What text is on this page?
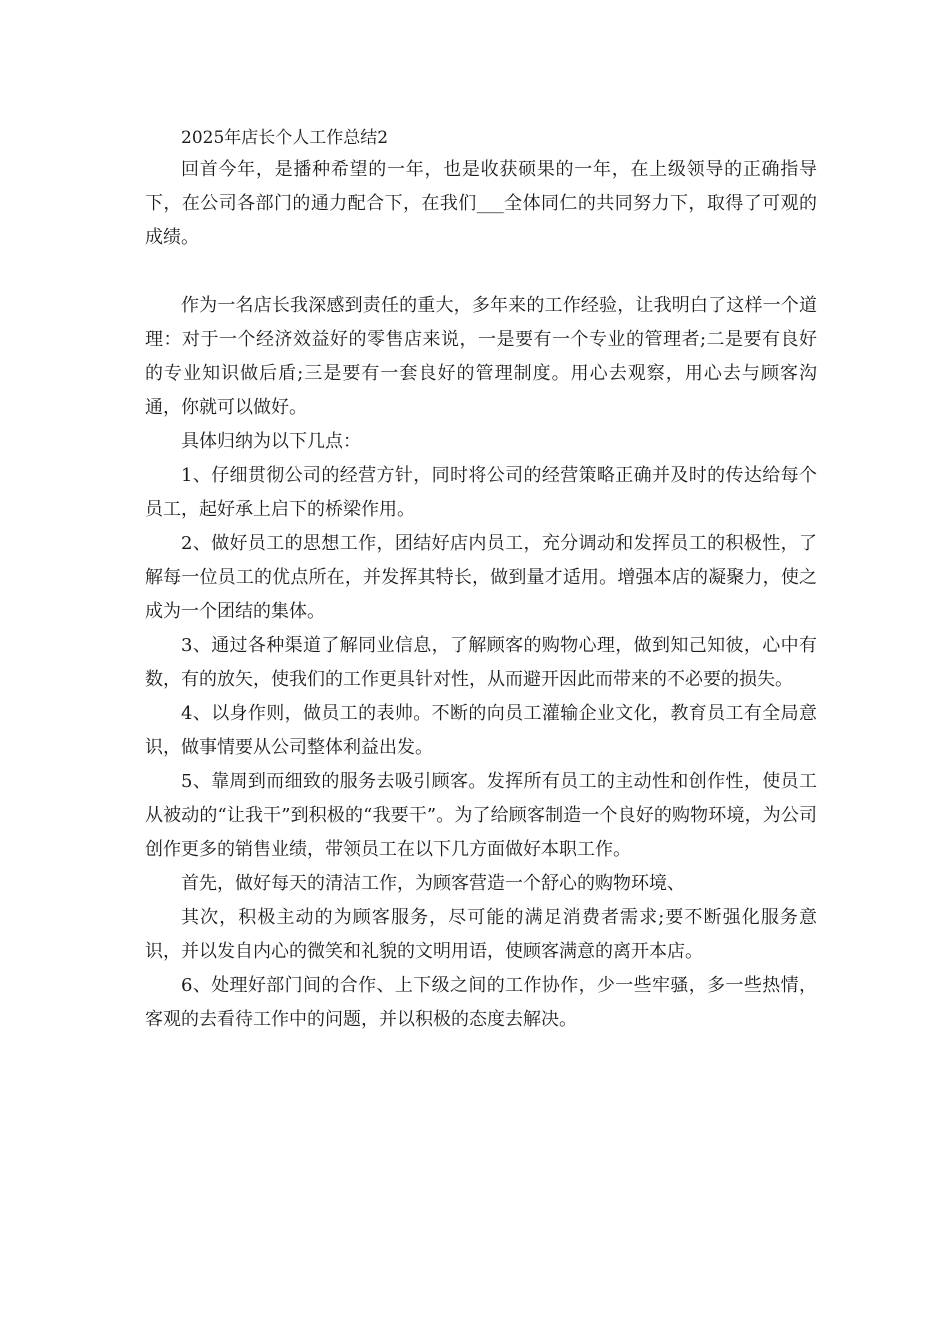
2025年店长个人工作总结2

回首今年，是播种希望的一年，也是收获硕果的一年，在上级领导的正确指导下，在公司各部门的通力配合下，在我们___全体同仁的共同努力下，取得了可观的成绩。

作为一名店长我深感到责任的重大，多年来的工作经验，让我明白了这样一个道理：对于一个经济效益好的零售店来说，一是要有一个专业的管理者;二是要有良好的专业知识做后盾;三是要有一套良好的管理制度。用心去观察，用心去与顾客沟通，你就可以做好。

具体归纳为以下几点：

1、仔细贯彻公司的经营方针，同时将公司的经营策略正确并及时的传达给每个员工，起好承上启下的桥梁作用。

2、做好员工的思想工作，团结好店内员工，充分调动和发挥员工的积极性，了解每一位员工的优点所在，并发挥其特长，做到量才适用。增强本店的凝聚力，使之成为一个团结的集体。

3、通过各种渠道了解同业信息，了解顾客的购物心理，做到知己知彼，心中有数，有的放矢，使我们的工作更具针对性，从而避开因此而带来的不必要的损失。

4、以身作则，做员工的表帅。不断的向员工灌输企业文化，教育员工有全局意识，做事情要从公司整体利益出发。

5、靠周到而细致的服务去吸引顾客。发挥所有员工的主动性和创作性，使员工从被动的“让我干”到积极的“我要干”。为了给顾客制造一个良好的购物环境，为公司创作更多的销售业绩，带领员工在以下几方面做好本职工作。

首先，做好每天的清洁工作，为顾客营造一个舒心的购物环境、

其次，积极主动的为顾客服务，尽可能的满足消费者需求;要不断强化服务意识，并以发自内心的微笑和礼貌的文明用语，使顾客满意的离开本店。

6、处理好部门间的合作、上下级之间的工作协作，少一些牢骚，多一些热情，客观的去看待工作中的问题，并以积极的态度去解决。
